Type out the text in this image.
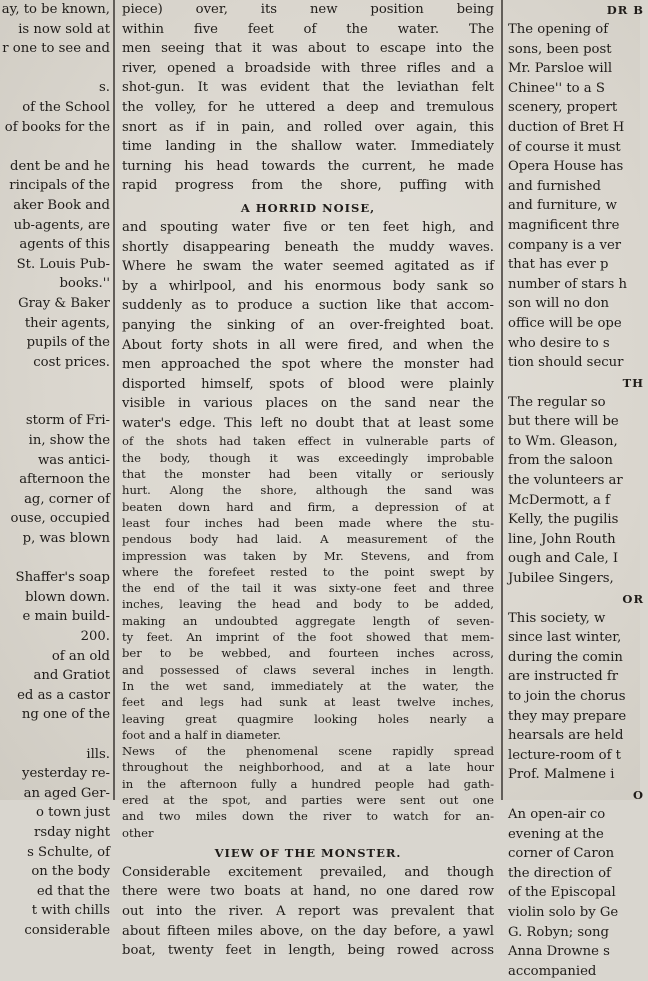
ay, to be known,
is now sold at
r one to see and

s.
of the School
of books for the

dent be and he
rincipals of the
aker Book and
ub-agents, are
agents of this
St. Louis Pub-
books.''
Gray & Baker
their agents,
pupils of the
cost prices.

storm of Fri-
in, show the
was antici-
afternoon the
ag, corner of
ouse, occupied
p, was blown

Shaffer's soap
blown down.
e main build-
200.
of an old
and Gratiot
ed as a castor
ng one of the

ills.
yesterday re-
an aged Ger-
o town just
rsday night
s Schulte, of
on the body
ed that the
t with chills
considerable
piece) over, its new position being
within five feet of the water. The
men seeing that it was about to escape into the
river, opened a broadside with three rifles and a
shot-gun. It was evident that the leviathan felt
the volley, for he uttered a deep and tremulous
snort as if in pain, and rolled over again, this
time landing in the shallow water. Immediately
turning his head towards the current, he made
rapid progress from the shore, puffing with
A HORRID NOISE,
and spouting water five or ten feet high, and
shortly disappearing beneath the muddy waves.
Where he swam the water seemed agitated as if
by a whirlpool, and his enormous body sank so
suddenly as to produce a suction like that accom-
panying the sinking of an over-freighted boat.
About forty shots in all were fired, and when the
men approached the spot where the monster had
disported himself, spots of blood were plainly
visible in various places on the sand near the
water's edge. This left no doubt that at least some
of the shots had taken effect in vulnerable parts of
the body, though it was exceedingly improbable
that the monster had been vitally or seriously
hurt. Along the shore, although the sand was
beaten down hard and firm, a depression of at
least four inches had been made where the stu-
pendous body had laid. A measurement of the
impression was taken by Mr. Stevens, and from
where the forefeet rested to the point swept by
the end of the tail it was sixty-one feet and three
inches, leaving the head and body to be added,
making an undoubted aggregate length of seven-
ty feet. An imprint of the foot showed that mem-
ber to be webbed, and fourteen inches across,
and possessed of claws several inches in length.
In the wet sand, immediately at the water, the
feet and legs had sunk at least twelve inches,
leaving great quagmire looking holes nearly a
foot and a half in diameter.
News of the phenomenal scene rapidly spread
throughout the neighborhood, and at a late hour
in the afternoon fully a hundred people had gath-
ered at the spot, and parties were sent out one
and two miles down the river to watch for an-
other
VIEW OF THE MONSTER.
Considerable excitement prevailed, and though
there were two boats at hand, no one dared row
out into the river. A report was prevalent that
about fifteen miles above, on the day before, a yawl
boat, twenty feet in length, being rowed across
DR B
The opening of
sons, been post
Mr. Parsloe will
Chinee'' to a S
scenery, propert
duction of Bret H
of course it must
Opera House has
and furnished
and furniture, w
magnificent thre
company is a ver
that has ever p
number of stars h
son will no don
office will be ope
who desire to s
tion should secur
TH
The regular so
but there will be
to Wm. Gleason,
from the saloon
the volunteers ar
McDermott, a f
Kelly, the pugilis
line, John Routh
ough and Cale, I
Jubilee Singers,
OR
This society, w
since last winter,
during the comin
are instructed fr
to join the chorus
they may prepare
hearsals are held
lecture-room of t
Prof. Malmene i
O
An open-air co
evening at the
corner of Caron
the direction of
of the Episcopal
violin solo by Ge
G. Robyn; song
Anna Drowne s
accompanied
